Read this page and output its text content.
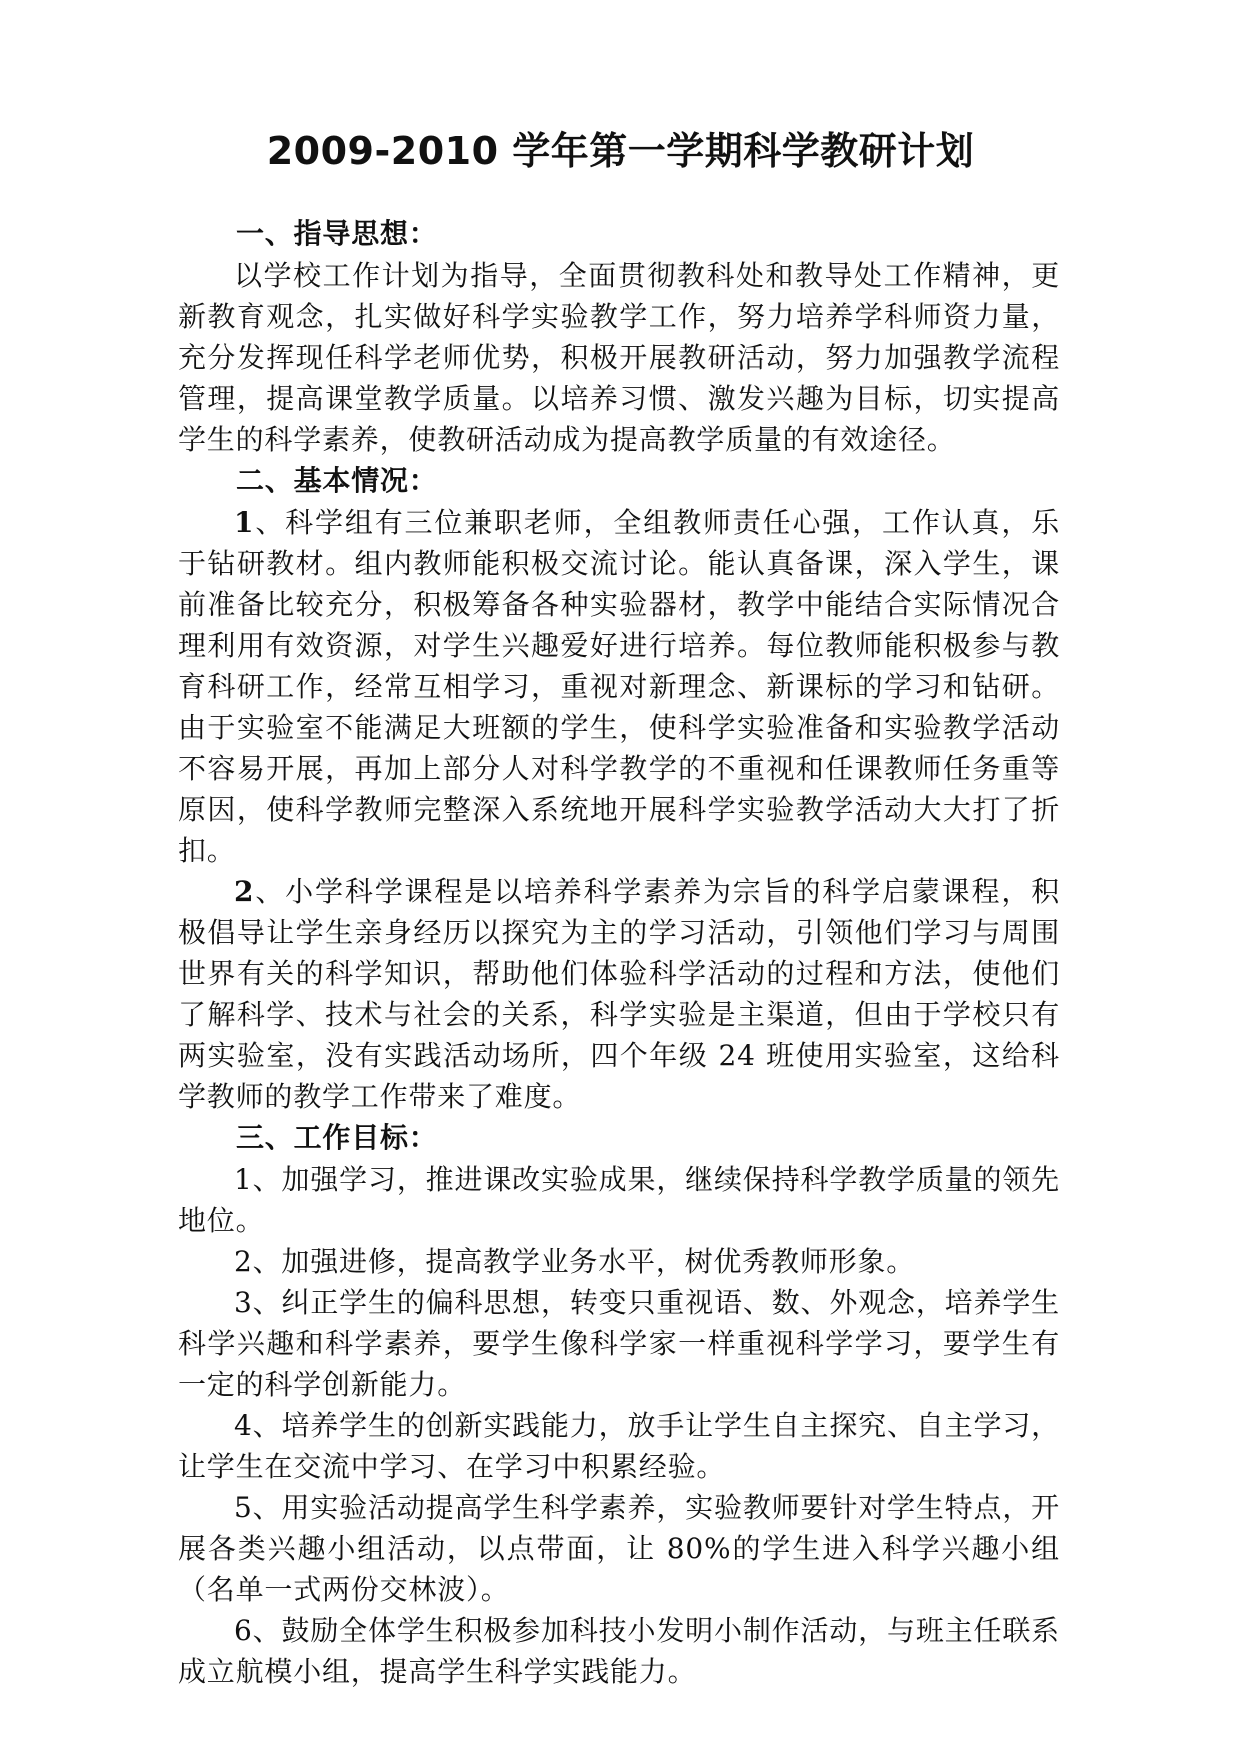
2009-2010 学年第一学期科学教研计划
一、指导思想：

以学校工作计划为指导，全面贯彻教科处和教导处工作精神，更新教育观念，扎实做好科学实验教学工作，努力培养学科师资力量，充分发挥现任科学老师优势，积极开展教研活动，努力加强教学流程管理，提高课堂教学质量。以培养习惯、激发兴趣为目标，切实提高学生的科学素养，使教研活动成为提高教学质量的有效途径。

二、基本情况：

1、科学组有三位兼职老师，全组教师责任心强，工作认真，乐于钻研教材。组内教师能积极交流讨论。能认真备课，深入学生，课前准备比较充分，积极筹备各种实验器材，教学中能结合实际情况合理利用有效资源，对学生兴趣爱好进行培养。每位教师能积极参与教育科研工作，经常互相学习，重视对新理念、新课标的学习和钻研。由于实验室不能满足大班额的学生，使科学实验准备和实验教学活动不容易开展，再加上部分人对科学教学的不重视和任课教师任务重等原因，使科学教师完整深入系统地开展科学实验教学活动大大打了折扣。

2、小学科学课程是以培养科学素养为宗旨的科学启蒙课程，积极倡导让学生亲身经历以探究为主的学习活动，引领他们学习与周围世界有关的科学知识，帮助他们体验科学活动的过程和方法，使他们了解科学、技术与社会的关系，科学实验是主渠道，但由于学校只有两实验室，没有实践活动场所，四个年级 24 班使用实验室，这给科学教师的教学工作带来了难度。

三、工作目标：

1、加强学习，推进课改实验成果，继续保持科学教学质量的领先地位。

2、加强进修，提高教学业务水平，树优秀教师形象。

3、纠正学生的偏科思想，转变只重视语、数、外观念，培养学生科学兴趣和科学素养，要学生像科学家一样重视科学学习，要学生有一定的科学创新能力。

4、培养学生的创新实践能力，放手让学生自主探究、自主学习，让学生在交流中学习、在学习中积累经验。

5、用实验活动提高学生科学素养，实验教师要针对学生特点，开展各类兴趣小组活动，以点带面，让 80%的学生进入科学兴趣小组（名单一式两份交林波）。

6、鼓励全体学生积极参加科技小发明小制作活动，与班主任联系成立航模小组，提高学生科学实践能力。
